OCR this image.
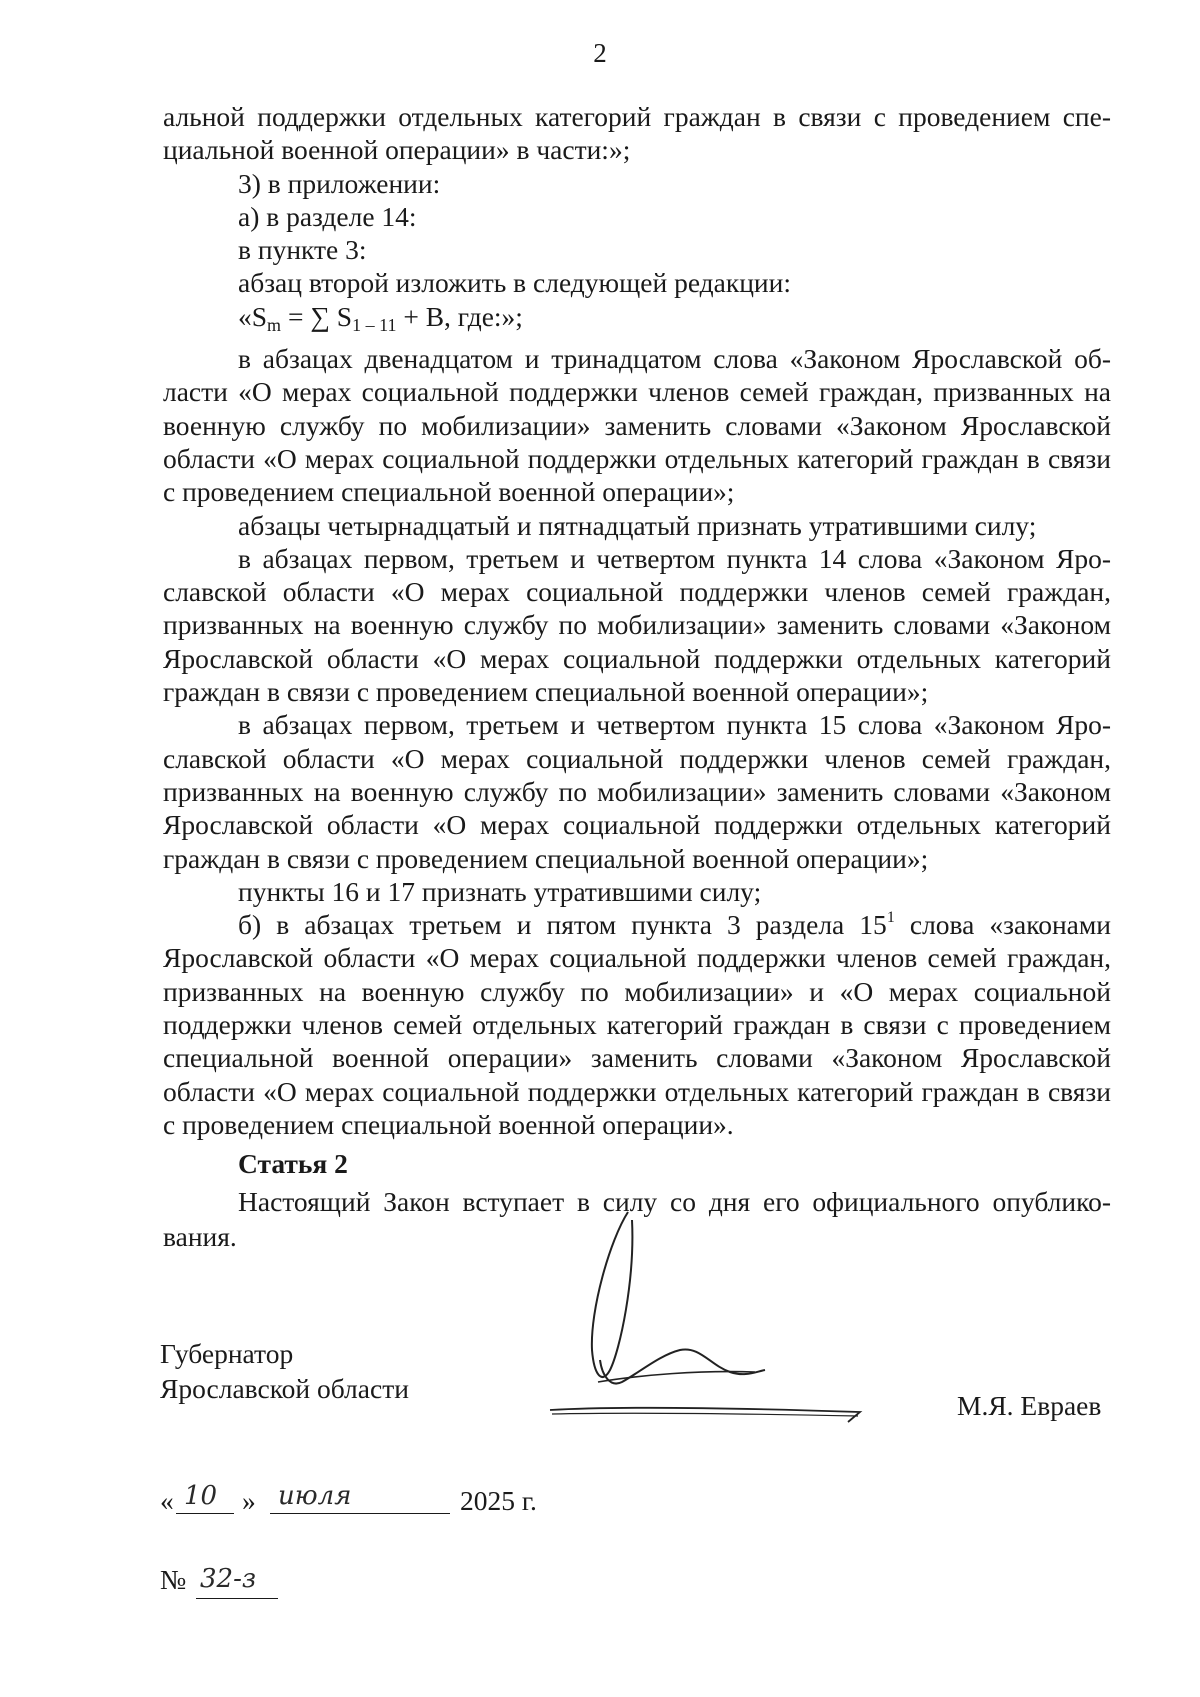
2

альной поддержки отдельных категорий граждан в связи с проведением специальной военной операции» в части:»;

3) в приложении:

а) в разделе 14:

в пункте 3:

абзац второй изложить в следующей редакции:

«$S_m$ = ∑ $S_{1 - 11} + B$, где:»;

в абзацах двенадцатом и тринадцатом слова «Законом Ярославской области «О мерах социальной поддержки членов семей граждан, призванных на военную службу по мобилизации» заменить словами «Законом Ярославской области «О мерах социальной поддержки отдельных категорий граждан в связи с проведением специальной военной операции»;

абзацы четырнадцатый и пятнадцатый признать утратившими силу;

в абзацах первом, третьем и четвертом пункта 14 слова «Законом Ярославской области «О мерах социальной поддержки членов семей граждан, призванных на военную службу по мобилизации» заменить словами «Законом Ярославской области «О мерах социальной поддержки отдельных категорий граждан в связи с проведением специальной военной операции»;

в абзацах первом, третьем и четвертом пункта 15 слова «Законом Ярославской области «О мерах социальной поддержки членов семей граждан, призванных на военную службу по мобилизации» заменить словами «Законом Ярославской области «О мерах социальной поддержки отдельных категорий граждан в связи с проведением специальной военной операции»;

пункты 16 и 17 признать утратившими силу;

б) в абзацах третьем и пятом пункта 3 раздела $15^1$ слова «законами Ярославской области «О мерах социальной поддержки членов семей граждан, призванных на военную службу по мобилизации» и «О мерах социальной поддержки членов семей отдельных категорий граждан в связи с проведением специальной военной операции» заменить словами «Законом Ярославской области «О мерах социальной поддержки отдельных категорий граждан в связи с проведением специальной военной операции».

Статья 2

Настоящий Закон вступает в силу со дня его официального опубликования.

Губернатор
Ярославской области
М.Я. Евраев
« 10 » июля	2025 г.
№ 32-з
